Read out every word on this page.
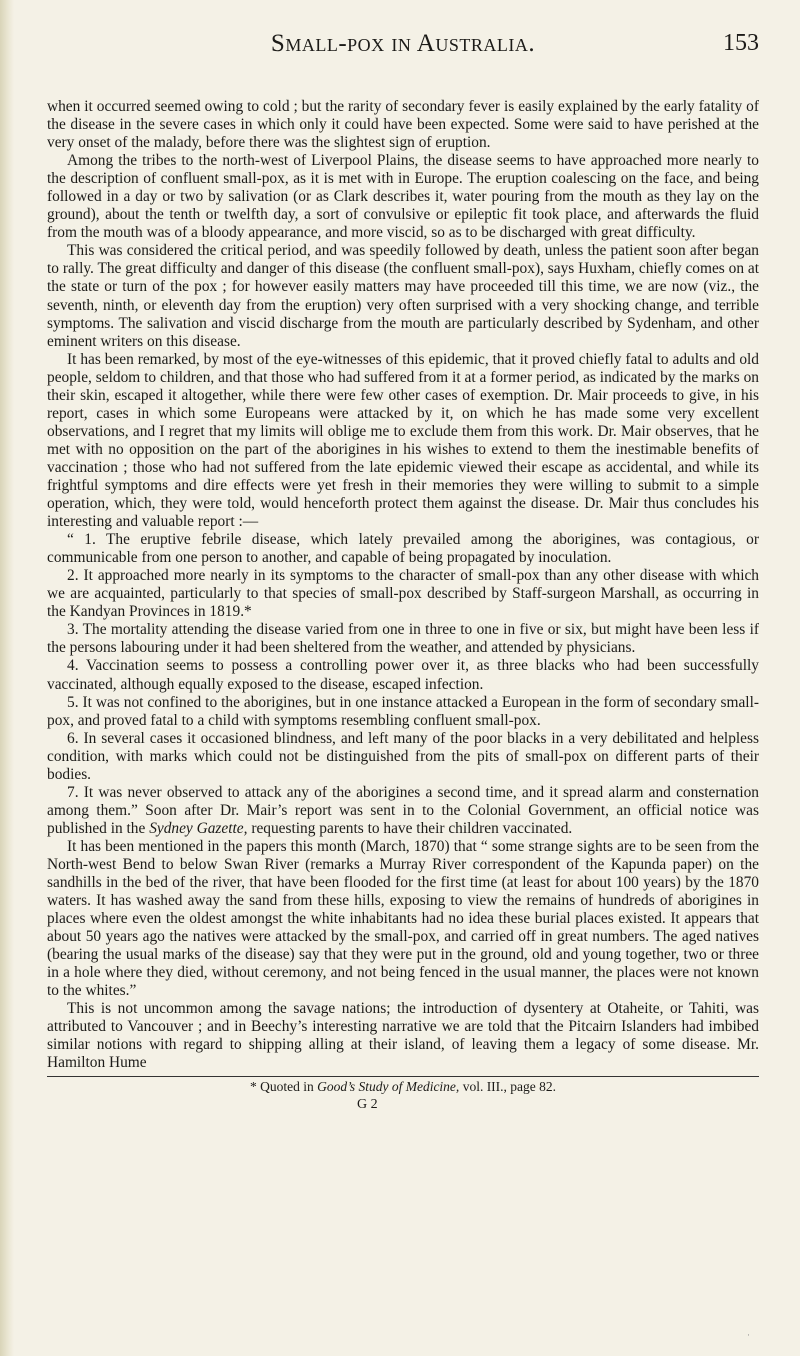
Small-pox in Australia.	153

when it occurred seemed owing to cold ; but the rarity of secondary fever is easily explained by the early fatality of the disease in the severe cases in which only it could have been expected. Some were said to have perished at the very onset of the malady, before there was the slightest sign of eruption.

Among the tribes to the north-west of Liverpool Plains, the disease seems to have approached more nearly to the description of confluent small-pox, as it is met with in Europe. The eruption coalescing on the face, and being followed in a day or two by salivation (or as Clark describes it, water pouring from the mouth as they lay on the ground), about the tenth or twelfth day, a sort of convulsive or epileptic fit took place, and afterwards the fluid from the mouth was of a bloody appearance, and more viscid, so as to be discharged with great difficulty.

This was considered the critical period, and was speedily followed by death, unless the patient soon after began to rally. The great difficulty and danger of this disease (the confluent small-pox), says Huxham, chiefly comes on at the state or turn of the pox ; for however easily matters may have proceeded till this time, we are now (viz., the seventh, ninth, or eleventh day from the eruption) very often surprised with a very shocking change, and terrible symptoms. The salivation and viscid discharge from the mouth are particularly described by Sydenham, and other eminent writers on this disease.

It has been remarked, by most of the eye-witnesses of this epidemic, that it proved chiefly fatal to adults and old people, seldom to children, and that those who had suffered from it at a former period, as indicated by the marks on their skin, escaped it altogether, while there were few other cases of exemption. Dr. Mair proceeds to give, in his report, cases in which some Europeans were attacked by it, on which he has made some very excellent observations, and I regret that my limits will oblige me to exclude them from this work. Dr. Mair observes, that he met with no opposition on the part of the aborigines in his wishes to extend to them the inestimable benefits of vaccination ; those who had not suffered from the late epidemic viewed their escape as accidental, and while its frightful symptoms and dire effects were yet fresh in their memories they were willing to submit to a simple operation, which, they were told, would henceforth protect them against the disease. Dr. Mair thus concludes his interesting and valuable report :—

“ 1. The eruptive febrile disease, which lately prevailed among the aborigines, was contagious, or communicable from one person to another, and capable of being propagated by inoculation.

2. It approached more nearly in its symptoms to the character of small-pox than any other disease with which we are acquainted, particularly to that species of small-pox described by Staff-surgeon Marshall, as occurring in the Kandyan Provinces in 1819.*

3. The mortality attending the disease varied from one in three to one in five or six, but might have been less if the persons labouring under it had been sheltered from the weather, and attended by physicians.

4. Vaccination seems to possess a controlling power over it, as three blacks who had been successfully vaccinated, although equally exposed to the disease, escaped infection.

5. It was not confined to the aborigines, but in one instance attacked a European in the form of secondary small-pox, and proved fatal to a child with symptoms resembling confluent small-pox.

6. In several cases it occasioned blindness, and left many of the poor blacks in a very debilitated and helpless condition, with marks which could not be distinguished from the pits of small-pox on different parts of their bodies.

7. It was never observed to attack any of the aborigines a second time, and it spread alarm and consternation among them.” Soon after Dr. Mair’s report was sent in to the Colonial Government, an official notice was published in the Sydney Gazette, requesting parents to have their children vaccinated.

It has been mentioned in the papers this month (March, 1870) that “ some strange sights are to be seen from the North-west Bend to below Swan River (remarks a Murray River correspondent of the Kapunda paper) on the sandhills in the bed of the river, that have been flooded for the first time (at least for about 100 years) by the 1870 waters. It has washed away the sand from these hills, exposing to view the remains of hundreds of aborigines in places where even the oldest amongst the white inhabitants had no idea these burial places existed. It appears that about 50 years ago the natives were attacked by the small-pox, and carried off in great numbers. The aged natives (bearing the usual marks of the disease) say that they were put in the ground, old and young together, two or three in a hole where they died, without ceremony, and not being fenced in the usual manner, the places were not known to the whites.”

This is not uncommon among the savage nations; the introduction of dysentery at Otaheite, or Tahiti, was attributed to Vancouver ; and in Beechy’s interesting narrative we are told that the Pitcairn Islanders had imbibed similar notions with regard to shipping alling at their island, of leaving them a legacy of some disease. Mr. Hamilton Hume

* Quoted in Good’s Study of Medicine, vol. III., page 82.
G 2
·
